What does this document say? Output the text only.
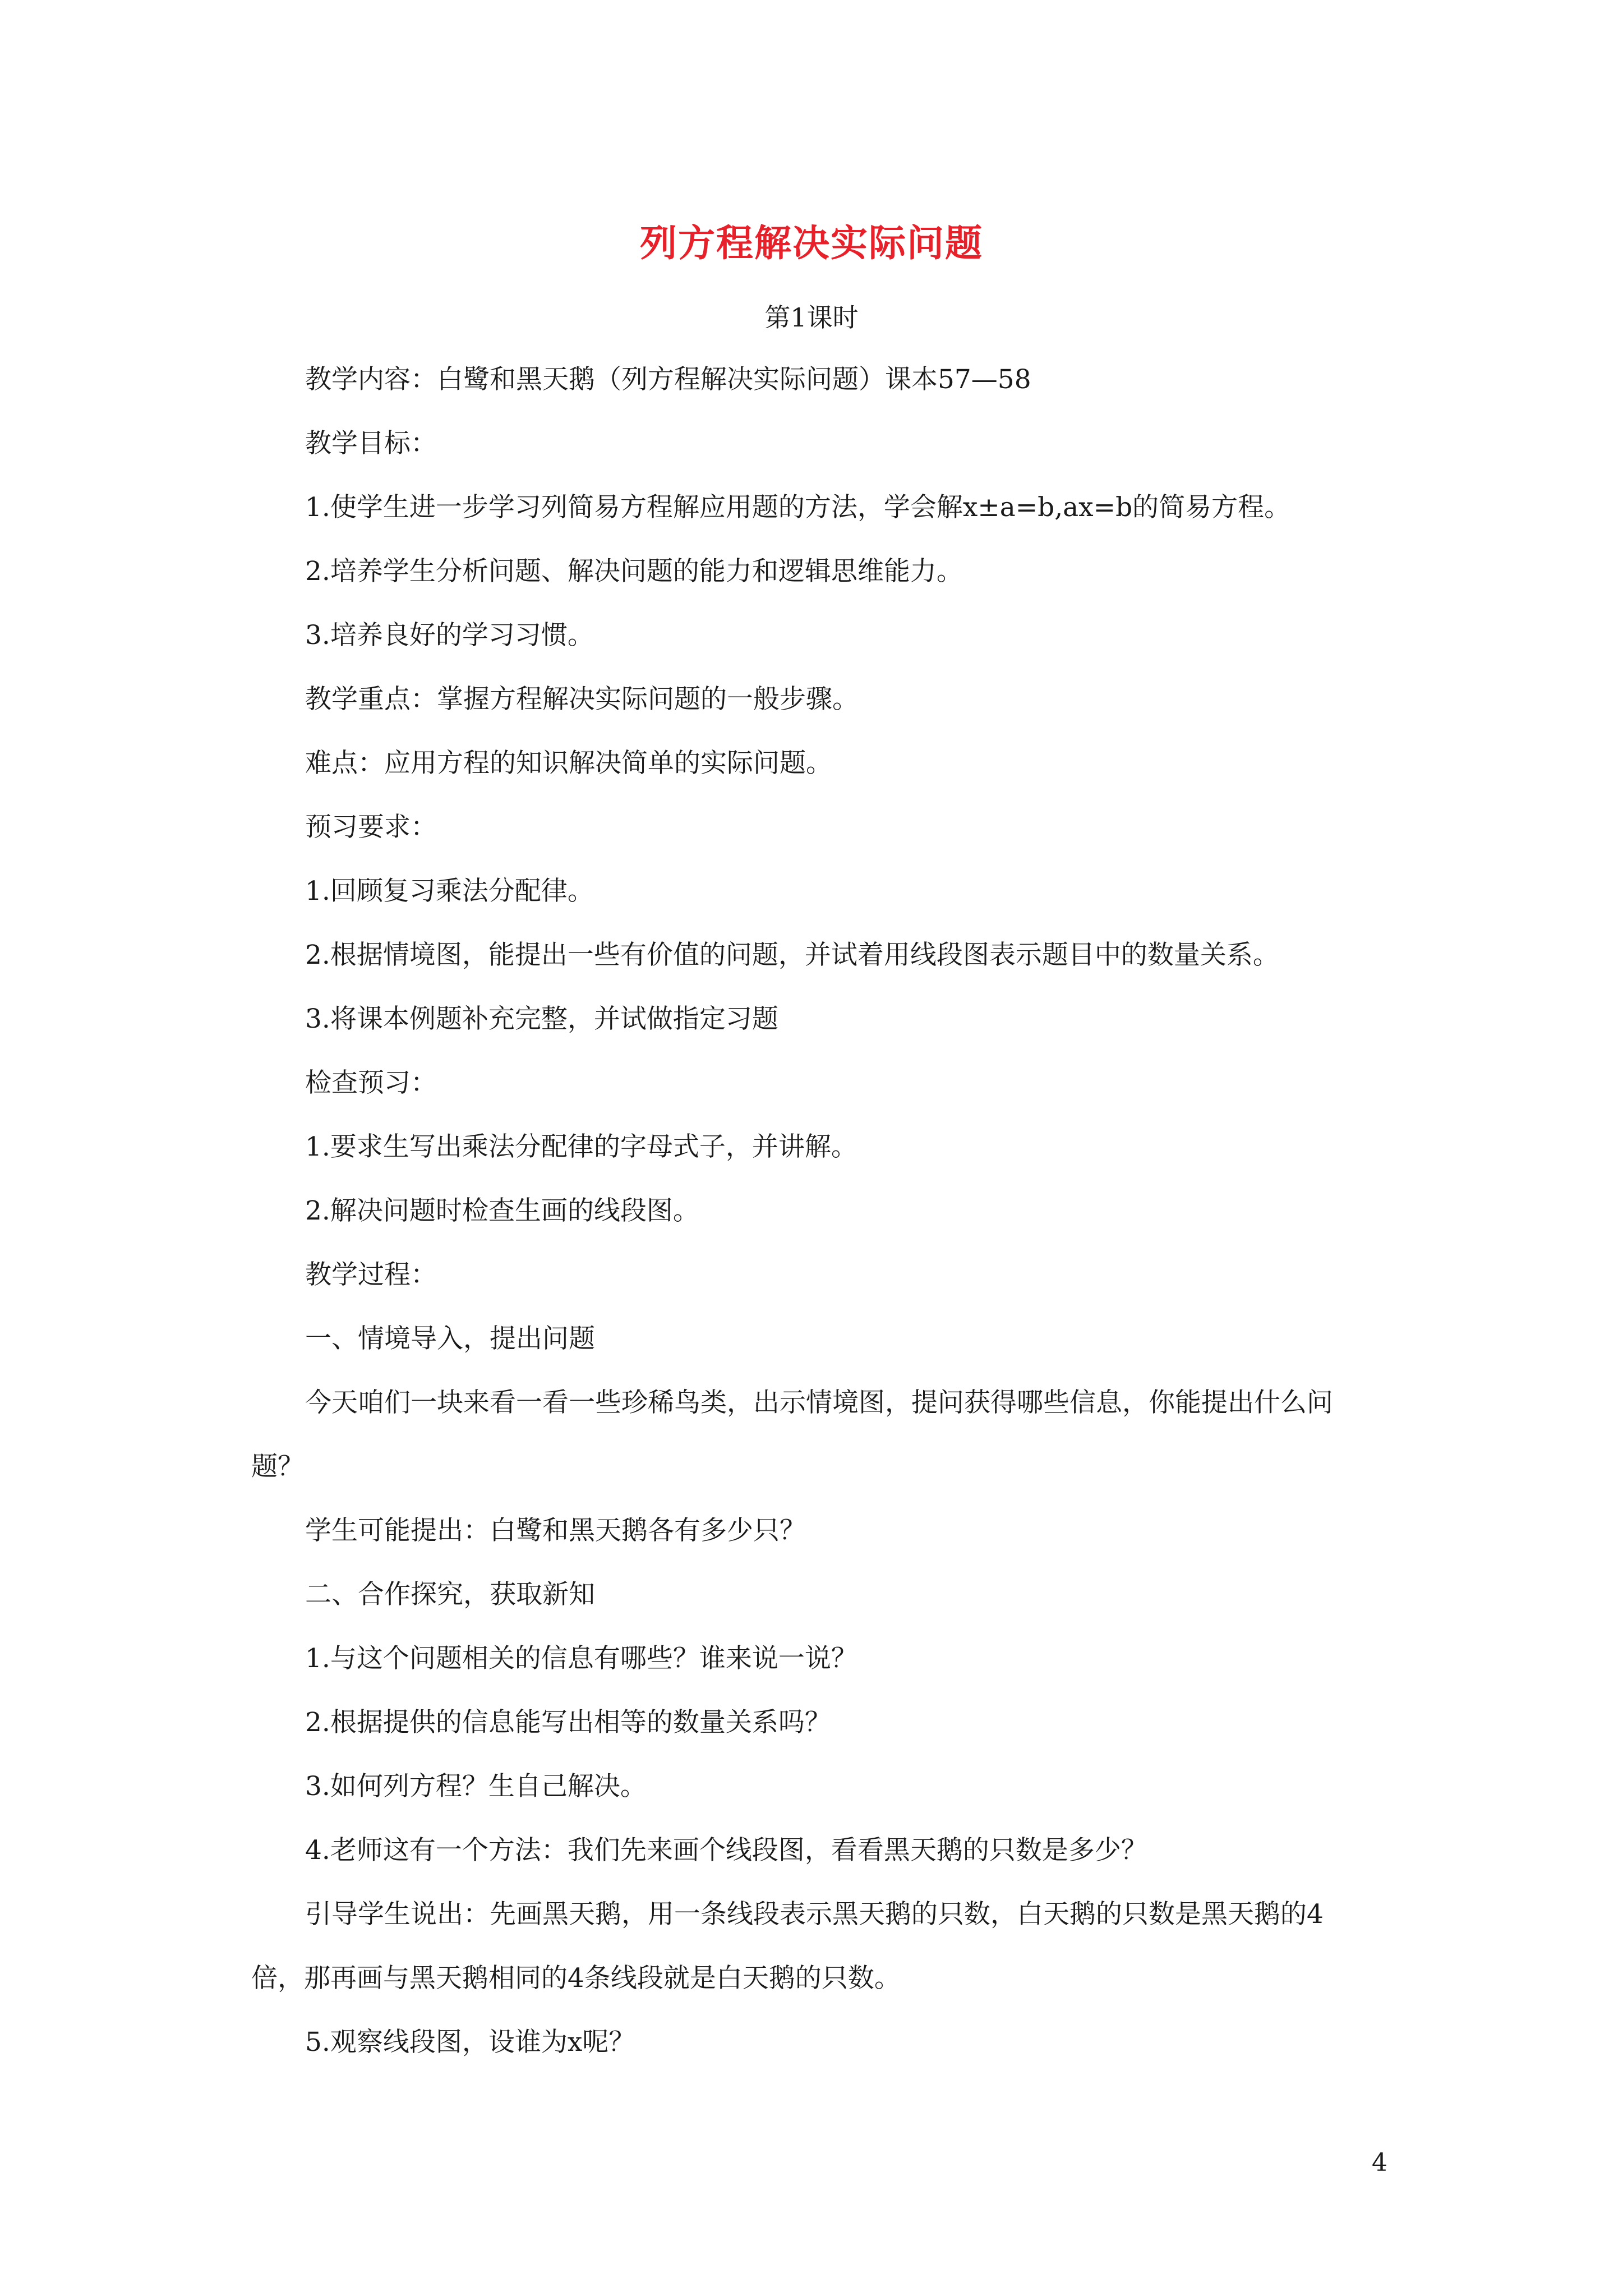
列方程解决实际问题
第1课时

教学内容：白鹭和黑天鹅（列方程解决实际问题）课本57—58

教学目标：

1.使学生进一步学习列简易方程解应用题的方法，学会解x±a=b,ax=b的简易方程。

2.培养学生分析问题、解决问题的能力和逻辑思维能力。

3.培养良好的学习习惯。

教学重点：掌握方程解决实际问题的一般步骤。

难点：应用方程的知识解决简单的实际问题。

预习要求：

1.回顾复习乘法分配律。

2.根据情境图，能提出一些有价值的问题，并试着用线段图表示题目中的数量关系。

3.将课本例题补充完整，并试做指定习题

检查预习：

1.要求生写出乘法分配律的字母式子，并讲解。

2.解决问题时检查生画的线段图。

教学过程：

一、情境导入，提出问题

今天咱们一块来看一看一些珍稀鸟类，出示情境图，提问获得哪些信息，你能提出什么问题？

学生可能提出：白鹭和黑天鹅各有多少只？

二、合作探究，获取新知

1.与这个问题相关的信息有哪些？谁来说一说？

2.根据提供的信息能写出相等的数量关系吗？

3.如何列方程？生自己解决。

4.老师这有一个方法：我们先来画个线段图，看看黑天鹅的只数是多少？

引导学生说出：先画黑天鹅，用一条线段表示黑天鹅的只数，白天鹅的只数是黑天鹅的4倍，那再画与黑天鹅相同的4条线段就是白天鹅的只数。

5.观察线段图，设谁为x呢？

4
